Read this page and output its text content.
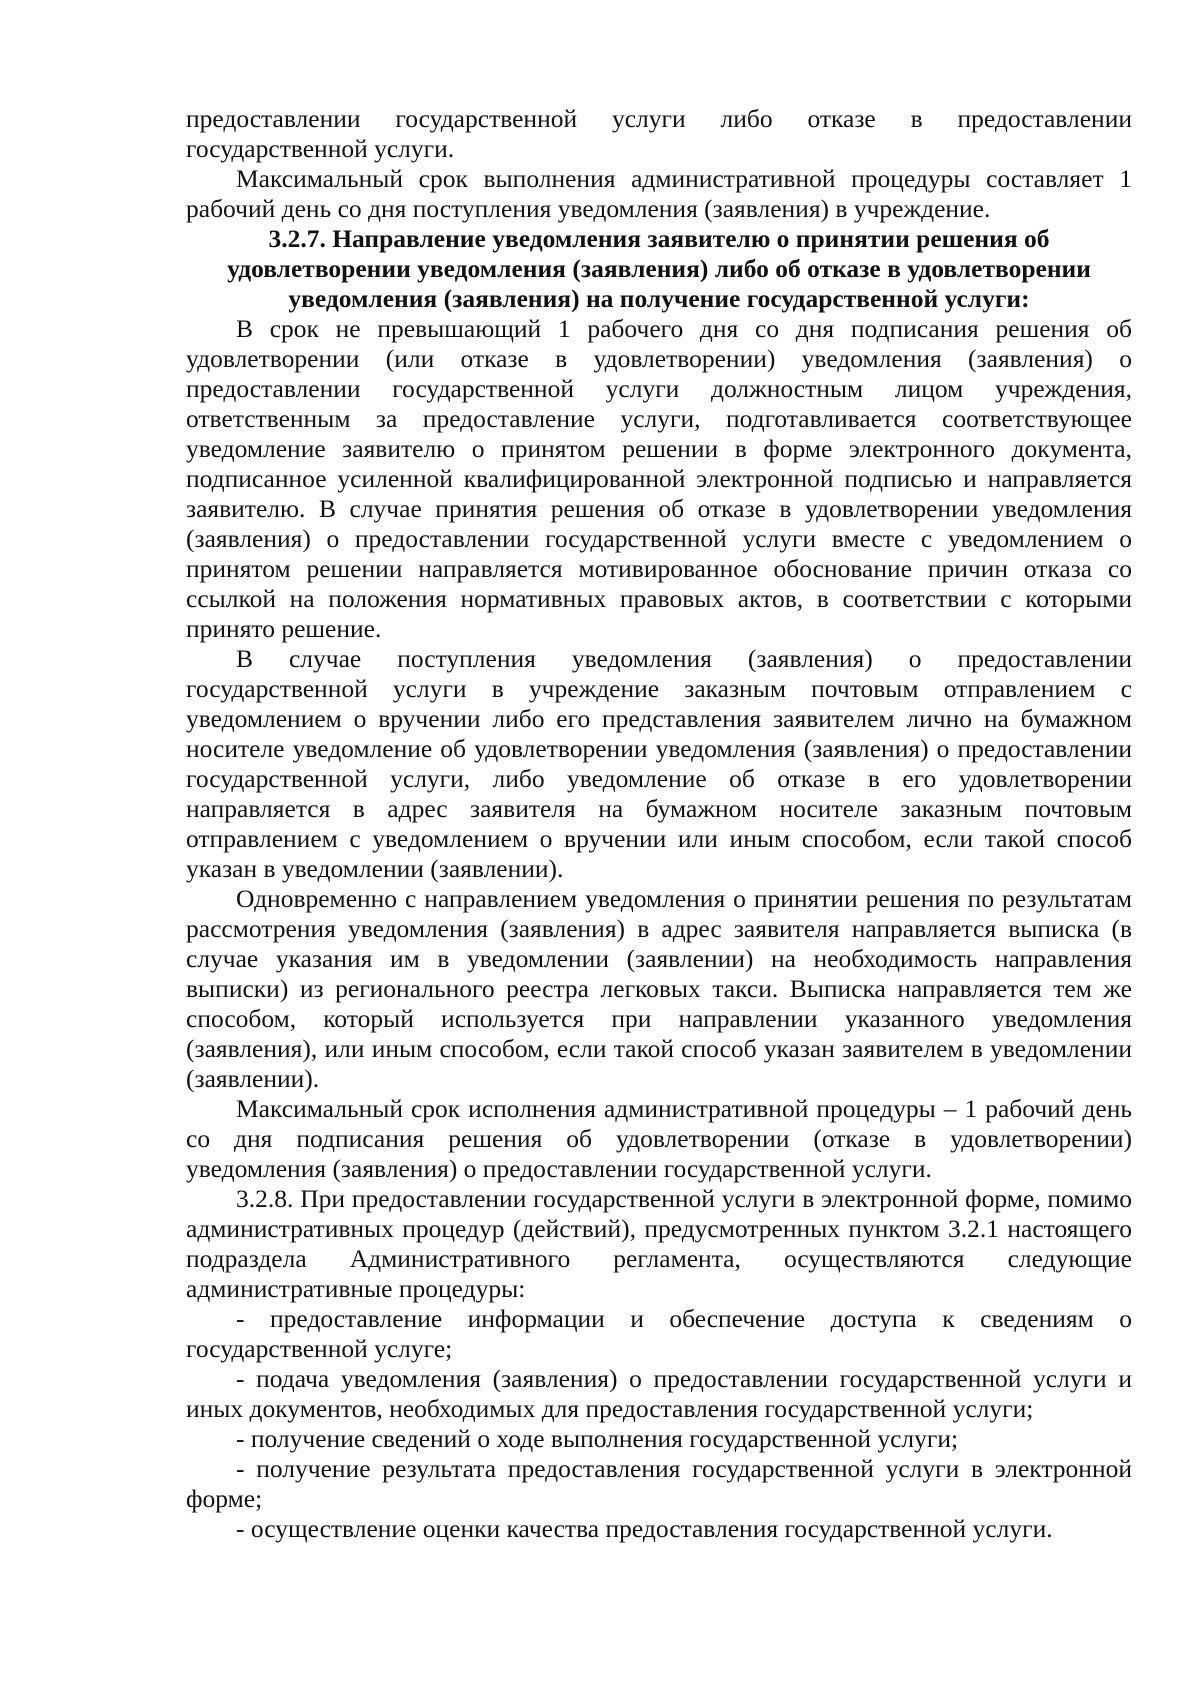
предоставлении государственной услуги либо отказе в предоставлении государственной услуги.

Максимальный срок выполнения административной процедуры составляет 1 рабочий день со дня поступления уведомления (заявления) в учреждение.

3.2.7. Направление уведомления заявителю о принятии решения об удовлетворении уведомления (заявления) либо об отказе в удовлетворении уведомления (заявления) на получение государственной услуги:

В срок не превышающий 1 рабочего дня со дня подписания решения об удовлетворении (или отказе в удовлетворении) уведомления (заявления) о предоставлении государственной услуги должностным лицом учреждения, ответственным за предоставление услуги, подготавливается соответствующее уведомление заявителю о принятом решении в форме электронного документа, подписанное усиленной квалифицированной электронной подписью и направляется заявителю. В случае принятия решения об отказе в удовлетворении уведомления (заявления) о предоставлении государственной услуги вместе с уведомлением о принятом решении направляется мотивированное обоснование причин отказа со ссылкой на положения нормативных правовых актов, в соответствии с которыми принято решение.

В случае поступления уведомления (заявления) о предоставлении государственной услуги в учреждение заказным почтовым отправлением с уведомлением о вручении либо его представления заявителем лично на бумажном носителе уведомление об удовлетворении уведомления (заявления) о предоставлении государственной услуги, либо уведомление об отказе в его удовлетворении направляется в адрес заявителя на бумажном носителе заказным почтовым отправлением с уведомлением о вручении или иным способом, если такой способ указан в уведомлении (заявлении).

Одновременно с направлением уведомления о принятии решения по результатам рассмотрения уведомления (заявления) в адрес заявителя направляется выписка (в случае указания им в уведомлении (заявлении) на необходимость направления выписки) из регионального реестра легковых такси. Выписка направляется тем же способом, который используется при направлении указанного уведомления (заявления), или иным способом, если такой способ указан заявителем в уведомлении (заявлении).

Максимальный срок исполнения административной процедуры – 1 рабочий день со дня подписания решения об удовлетворении (отказе в удовлетворении) уведомления (заявления) о предоставлении государственной услуги.

3.2.8. При предоставлении государственной услуги в электронной форме, помимо административных процедур (действий), предусмотренных пунктом 3.2.1 настоящего подраздела Административного регламента, осуществляются следующие административные процедуры:

- предоставление информации и обеспечение доступа к сведениям о государственной услуге;

- подача уведомления (заявления) о предоставлении государственной услуги и иных документов, необходимых для предоставления государственной услуги;

- получение сведений о ходе выполнения государственной услуги;

- получение результата предоставления государственной услуги в электронной форме;

- осуществление оценки качества предоставления государственной услуги.
